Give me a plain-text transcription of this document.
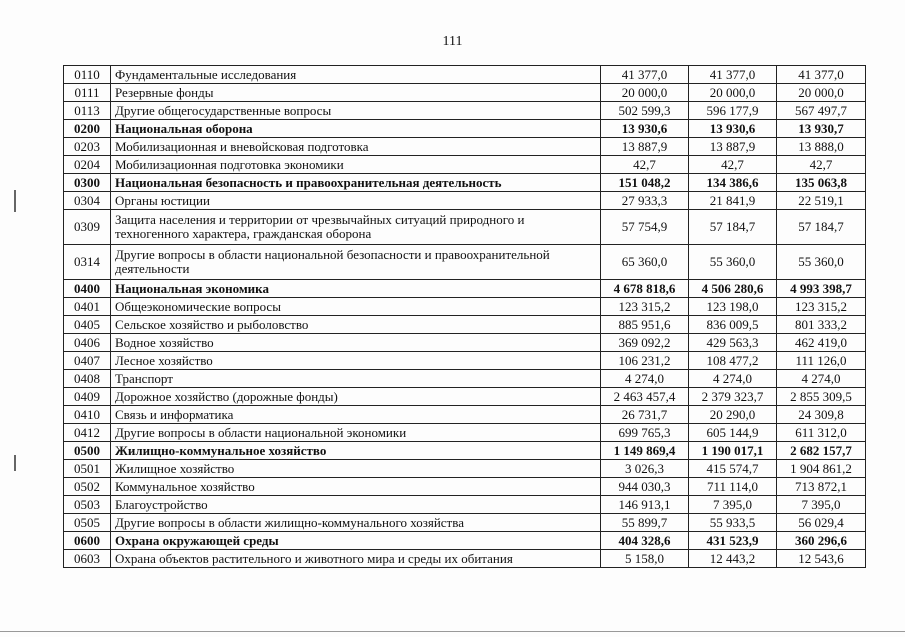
111
0110	Фундаментальные исследования	41 377,0	41 377,0	41 377,0
0111	Резервные фонды	20 000,0	20 000,0	20 000,0
0113	Другие общегосударственные вопросы	502 599,3	596 177,9	567 497,7
0200	Национальная оборона	13 930,6	13 930,6	13 930,7
0203	Мобилизационная и вневойсковая подготовка	13 887,9	13 887,9	13 888,0
0204	Мобилизационная подготовка экономики	42,7	42,7	42,7
0300	Национальная безопасность и правоохранительная деятельность	151 048,2	134 386,6	135 063,8
0304	Органы юстиции	27 933,3	21 841,9	22 519,1
0309	Защита населения и территории от чрезвычайных ситуаций природного и техногенного характера, гражданская оборона	57 754,9	57 184,7	57 184,7
0314	Другие вопросы в области национальной безопасности и правоохранительной деятельности	65 360,0	55 360,0	55 360,0
0400	Национальная экономика	4 678 818,6	4 506 280,6	4 993 398,7
0401	Общеэкономические вопросы	123 315,2	123 198,0	123 315,2
0405	Сельское хозяйство и рыболовство	885 951,6	836 009,5	801 333,2
0406	Водное хозяйство	369 092,2	429 563,3	462 419,0
0407	Лесное хозяйство	106 231,2	108 477,2	111 126,0
0408	Транспорт	4 274,0	4 274,0	4 274,0
0409	Дорожное хозяйство (дорожные фонды)	2 463 457,4	2 379 323,7	2 855 309,5
0410	Связь и информатика	26 731,7	20 290,0	24 309,8
0412	Другие вопросы в области национальной экономики	699 765,3	605 144,9	611 312,0
0500	Жилищно-коммунальное хозяйство	1 149 869,4	1 190 017,1	2 682 157,7
0501	Жилищное хозяйство	3 026,3	415 574,7	1 904 861,2
0502	Коммунальное хозяйство	944 030,3	711 114,0	713 872,1
0503	Благоустройство	146 913,1	7 395,0	7 395,0
0505	Другие вопросы в области жилищно-коммунального хозяйства	55 899,7	55 933,5	56 029,4
0600	Охрана окружающей среды	404 328,6	431 523,9	360 296,6
0603	Охрана объектов растительного и животного мира и среды их обитания	5 158,0	12 443,2	12 543,6
